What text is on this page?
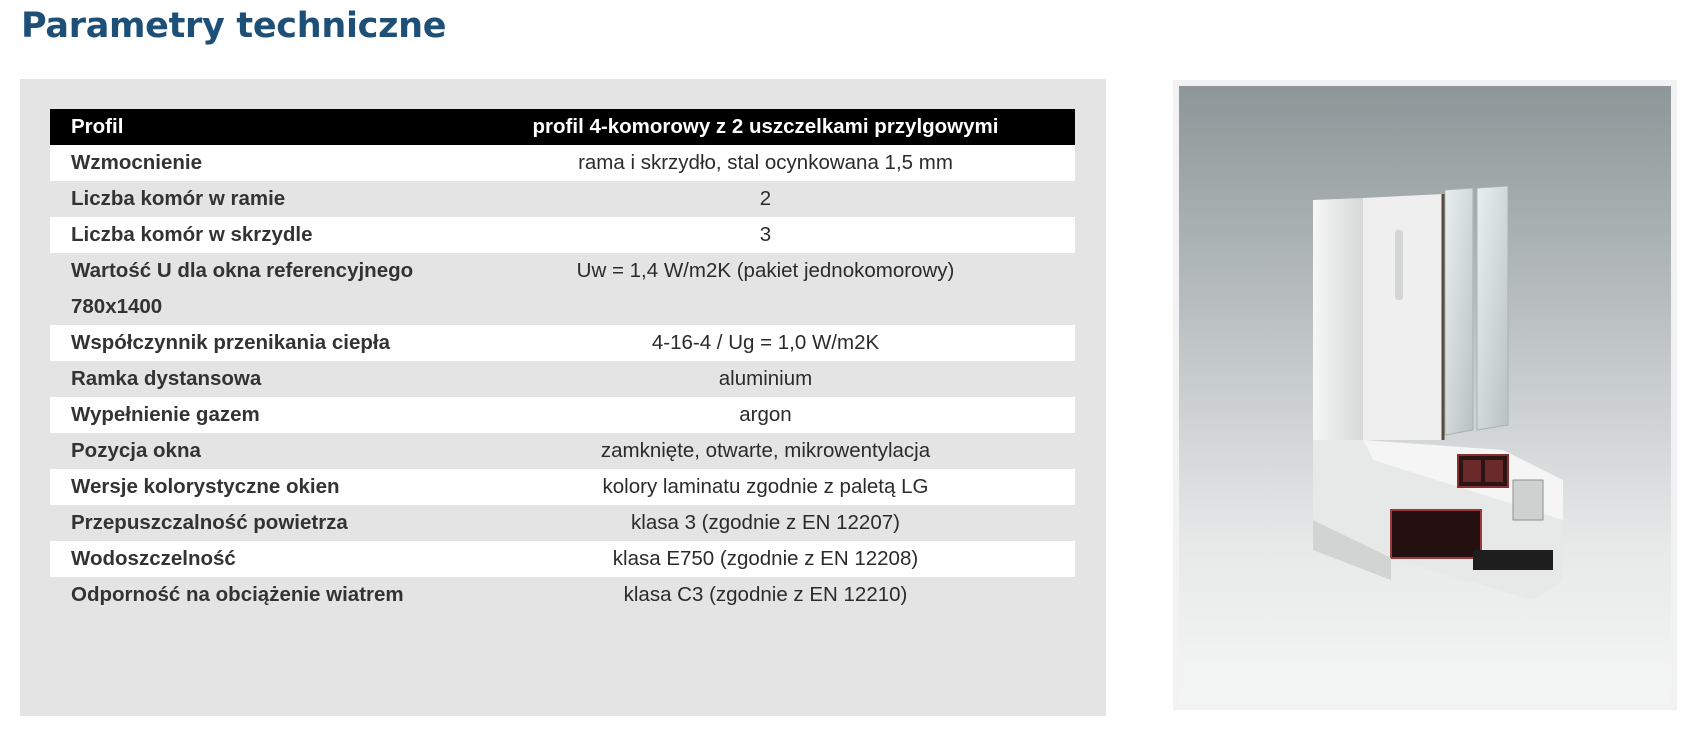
Parametry techniczne
Profil	profil 4-komorowy z 2 uszczelkami przylgowymi
Wzmocnienie	rama i skrzydło, stal ocynkowana 1,5 mm
Liczba komór w ramie	2
Liczba komór w skrzydle	3
Wartość U dla okna referencyjnego 780x1400	Uw = 1,4 W/m2K (pakiet jednokomorowy)
Współczynnik przenikania ciepła	4-16-4 / Ug = 1,0 W/m2K
Ramka dystansowa	aluminium
Wypełnienie gazem	argon
Pozycja okna	zamknięte, otwarte, mikrowentylacja
Wersje kolorystyczne okien	kolory laminatu zgodnie z paletą LG
Przepuszczalność powietrza	klasa 3 (zgodnie z EN 12207)
Wodoszczelność	klasa E750 (zgodnie z EN 12208)
Odporność na obciążenie wiatrem	klasa C3 (zgodnie z EN 12210)
